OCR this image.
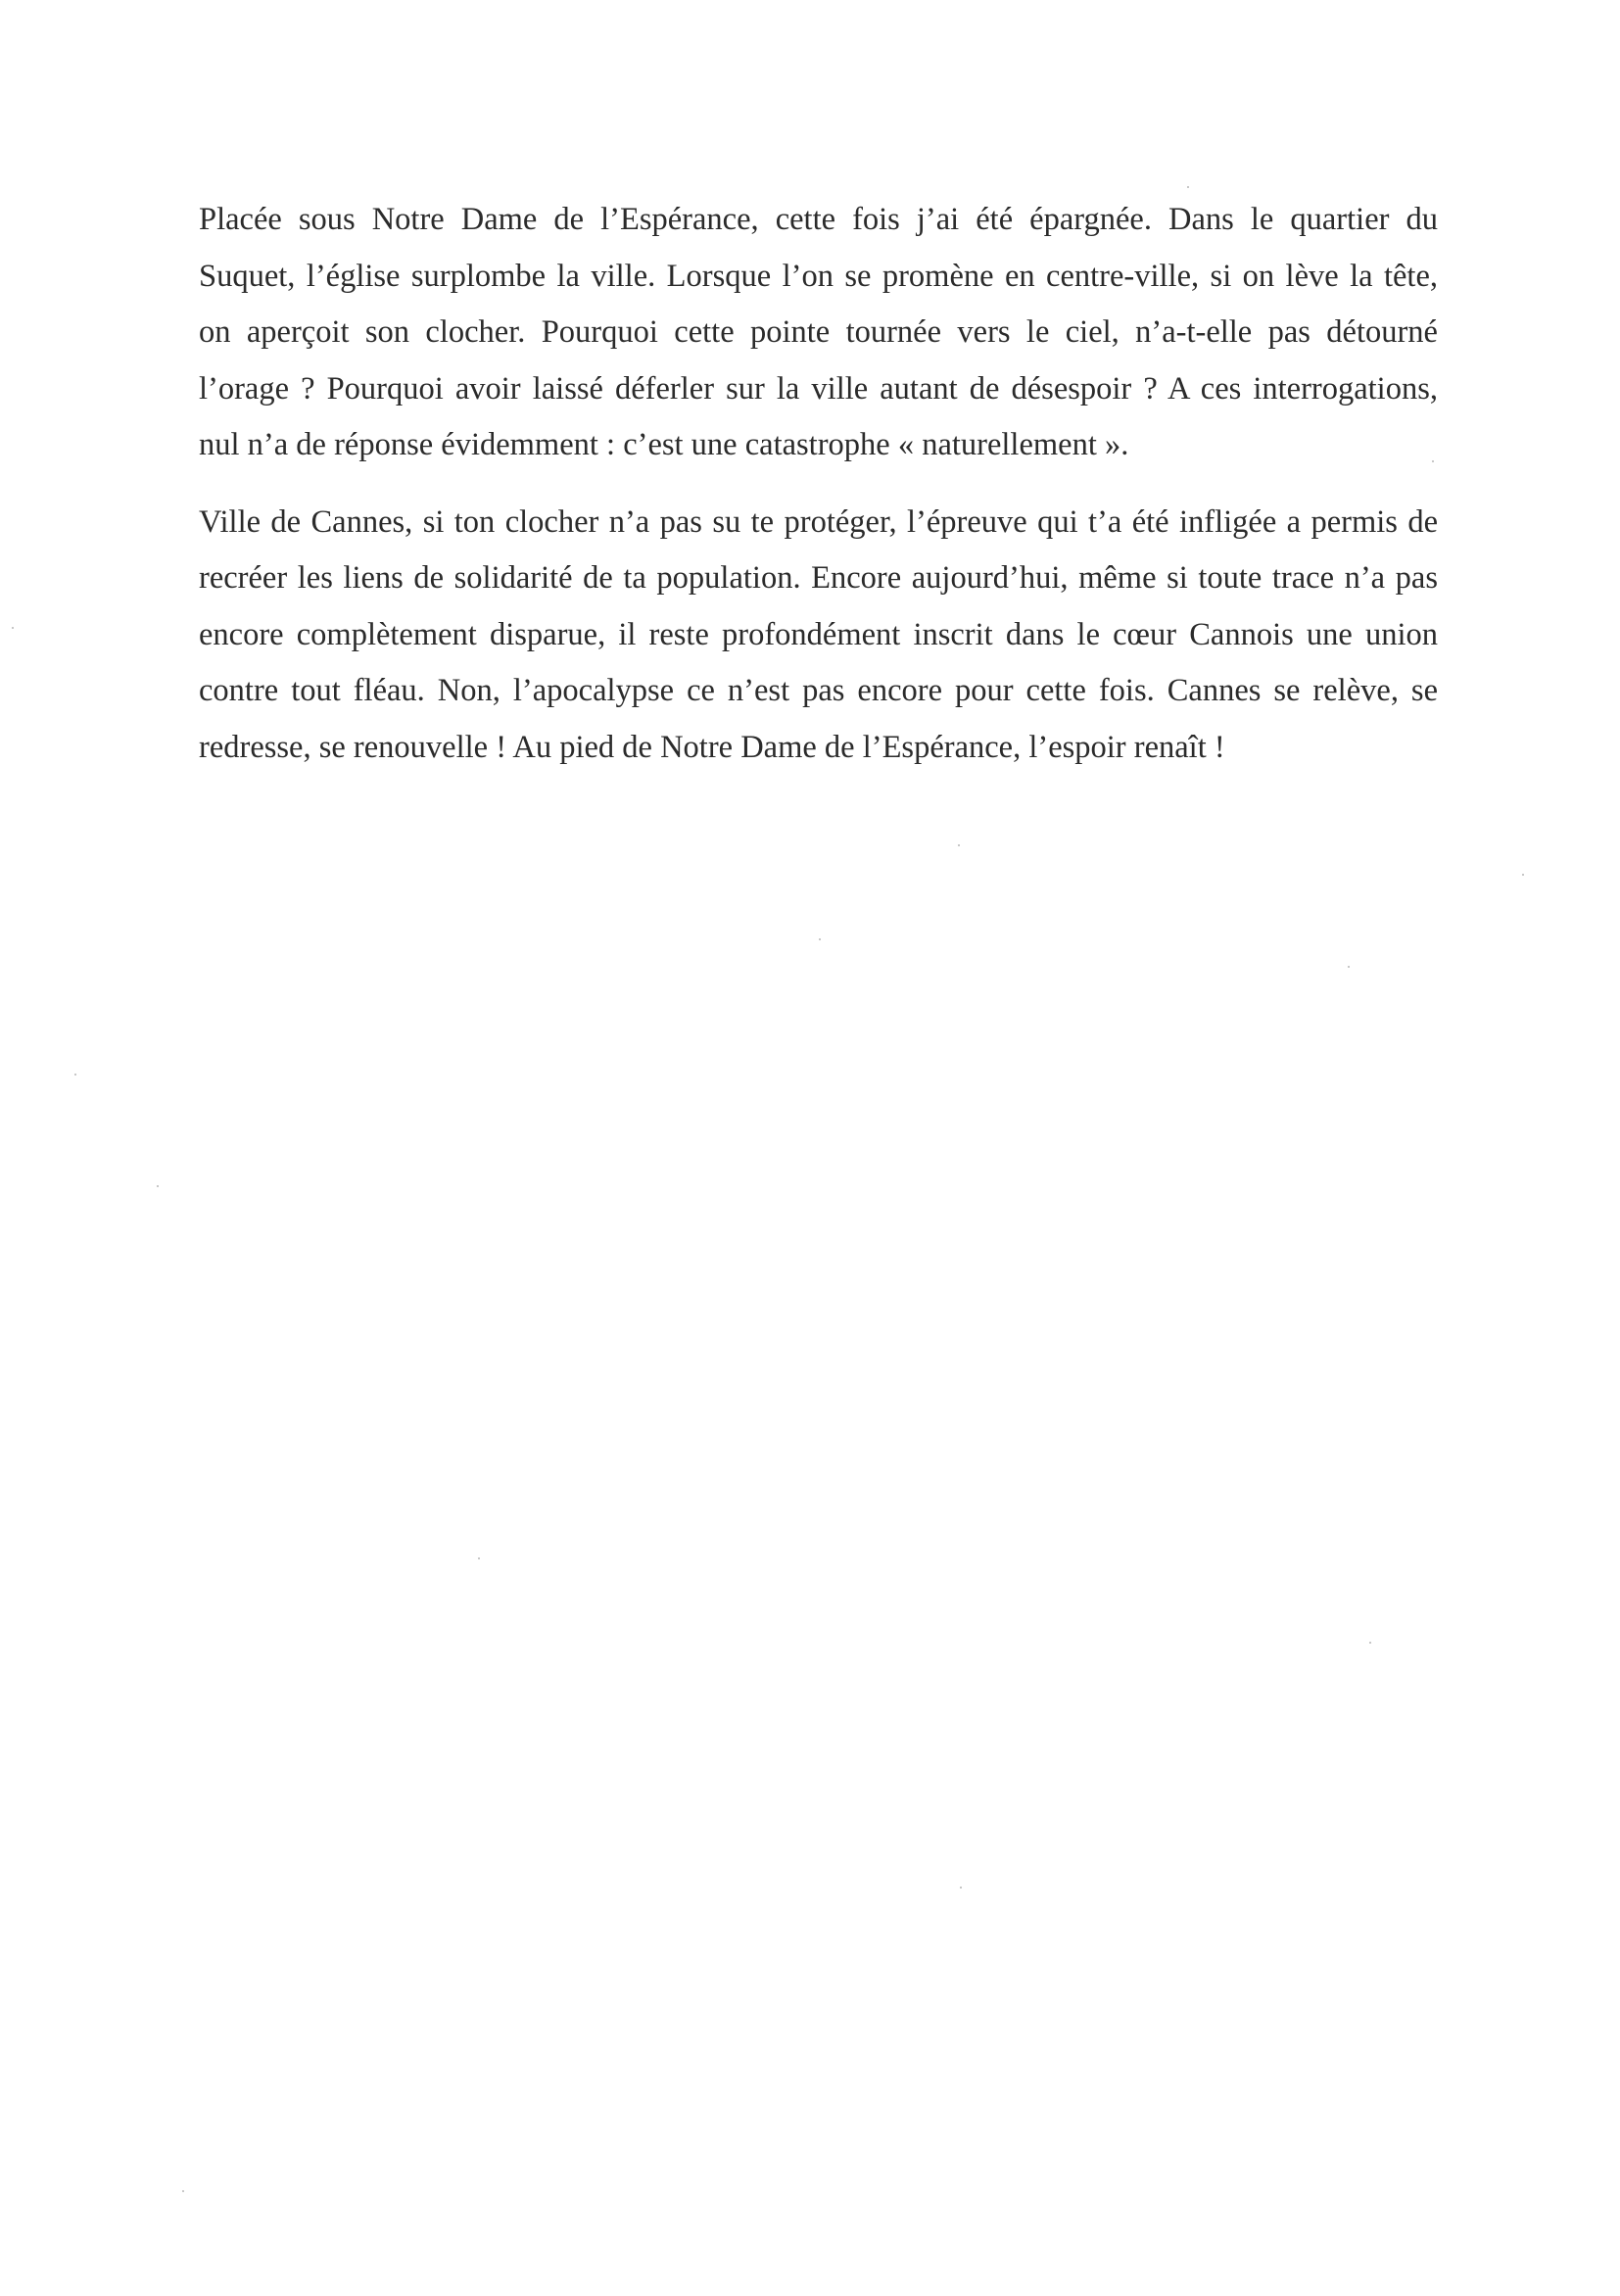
Placée sous Notre Dame de l’Espérance, cette fois j’ai été épargnée. Dans le quartier du
Suquet, l’église surplombe la ville. Lorsque l’on se promène en centre-ville, si on lève la tête,
on aperçoit son clocher. Pourquoi cette pointe tournée vers le ciel, n’a-t-elle pas détourné
l’orage ? Pourquoi avoir laissé déferler sur la ville autant de désespoir ? A ces interrogations,
nul n’a de réponse évidemment : c’est une catastrophe « naturellement ».
Ville de Cannes, si ton clocher n’a pas su te protéger, l’épreuve qui t’a été infligée a permis de
recréer les liens de solidarité de ta population. Encore aujourd’hui, même si toute trace n’a pas
encore complètement disparue, il reste profondément inscrit dans le cœur Cannois une union
contre tout fléau. Non, l’apocalypse ce n’est pas encore pour cette fois. Cannes se relève, se
redresse, se renouvelle ! Au pied de Notre Dame de l’Espérance, l’espoir renaît !
